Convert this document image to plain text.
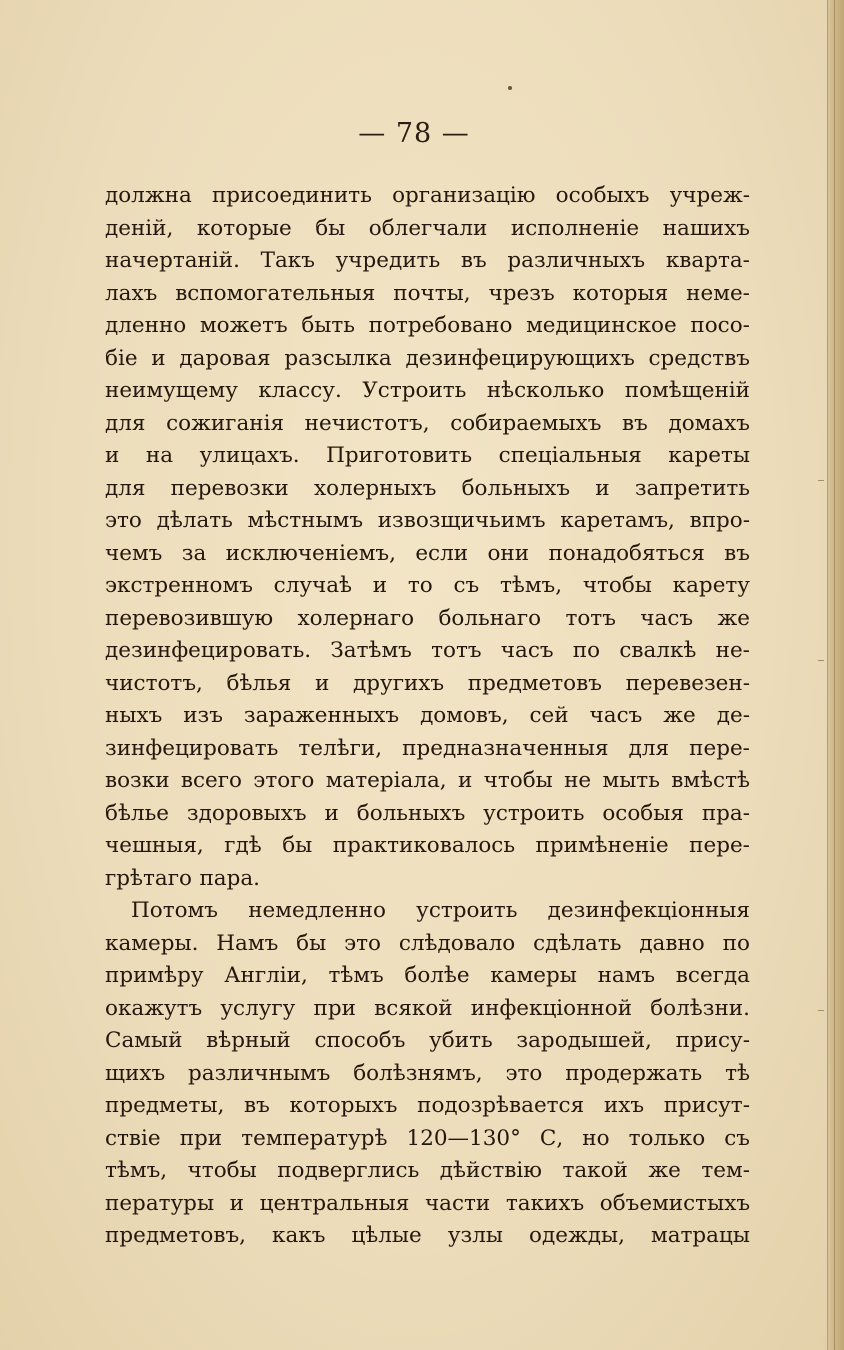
— 78 —
должна присоединить организацію особыхъ учреж-
деній, которые бы облегчали исполненіе нашихъ
начертаній. Такъ учредить въ различныхъ кварта-
лахъ вспомогательныя почты, чрезъ которыя неме-
дленно можетъ быть потребовано медицинское посо-
біе и даровая разсылка дезинфецирующихъ средствъ
неимущему классу. Устроить нѣсколько помѣщеній
для сожиганія нечистотъ, собираемыхъ въ домахъ
и на улицахъ. Приготовить спеціальныя кареты
для перевозки холерныхъ больныхъ и запретить
это дѣлать мѣстнымъ извозщичьимъ каретамъ, впро-
чемъ за исключеніемъ, если они понадобяться въ
экстренномъ случаѣ и то съ тѣмъ, чтобы карету
перевозившую холернаго больнаго тотъ часъ же
дезинфецировать. Затѣмъ тотъ часъ по свалкѣ не-
чистотъ, бѣлья и другихъ предметовъ перевезен-
ныхъ изъ зараженныхъ домовъ, сей часъ же де-
зинфецировать телѣги, предназначенныя для пере-
возки всего этого матеріала, и чтобы не мыть вмѣстѣ
бѣлье здоровыхъ и больныхъ устроить особыя пра-
чешныя, гдѣ бы практиковалось примѣненіе пере-
грѣтаго пара.
Потомъ немедленно устроить дезинфекціонныя
камеры. Намъ бы это слѣдовало сдѣлать давно по
примѣру Англіи, тѣмъ болѣе камеры намъ всегда
окажутъ услугу при всякой инфекціонной болѣзни.
Самый вѣрный способъ убить зародышей, прису-
щихъ различнымъ болѣзнямъ, это продержать тѣ
предметы, въ которыхъ подозрѣвается ихъ присут-
ствіе при температурѣ 120—130° С, но только съ
тѣмъ, чтобы подверглись дѣйствію такой же тем-
пературы и центральныя части такихъ объемистыхъ
предметовъ, какъ цѣлые узлы одежды, матрацы
